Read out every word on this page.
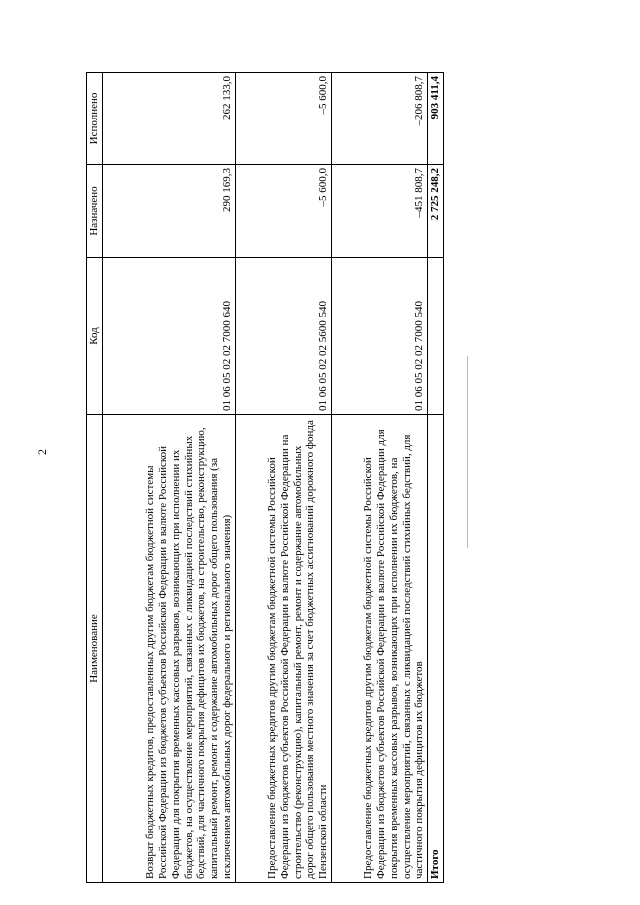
2
Наименование	Код	Назначено	Исполнено
Возврат бюджетных кредитов, предоставленных другим бюджетам бюджетной системы Российской Федерации из бюджетов субъектов Российской Федерации в валюте Российской Федерации для покрытия временных кассовых разрывов, возникающих при исполнении их бюджетов, на осуществление мероприятий, связанных с ликвидацией последствий стихийных бедствий, для частичного покрытия дефицитов их бюджетов, на строительство, реконструкцию, капитальный ремонт, ремонт и содержание автомобильных дорог общего пользования (за исключением автомобильных дорог федерального и регионального значения)	01 06 05 02 02 7000 640	290 169,3	262 133,0
Предоставление бюджетных кредитов другим бюджетам бюджетной системы Российской Федерации из бюджетов субъектов Российской Федерации в валюте Российской Федерации на строительство (реконструкцию), капитальный ремонт, ремонт и содержание автомобильных дорог общего пользования местного значения за счет бюджетных ассигнований дорожного фонда Пензенской области	01 06 05 02 02 5600 540	–5 600,0	–5 600,0
Предоставление бюджетных кредитов другим бюджетам бюджетной системы Российской Федерации из бюджетов субъектов Российской Федерации в валюте Российской Федерации для покрытия временных кассовых разрывов, возникающих при исполнении их бюджетов, на осуществление мероприятий, связанных с ликвидацией последствий стихийных бедствий, для частичного покрытия дефицитов их бюджетов	01 06 05 02 02 7000 540	–451 808,7	–206 808,7
Итого		2 725 248,2	903 411,4
